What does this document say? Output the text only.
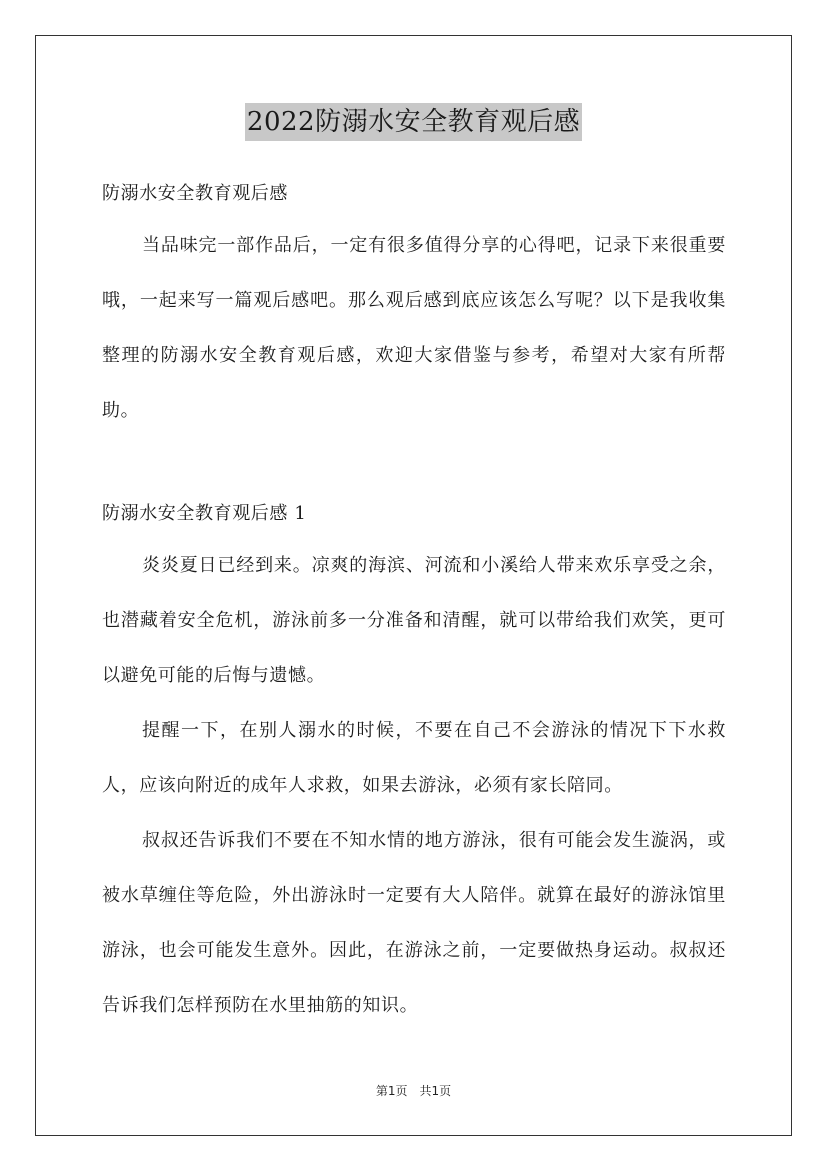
2022防溺水安全教育观后感
防溺水安全教育观后感
当品味完一部作品后，一定有很多值得分享的心得吧，记录下来很重要哦，一起来写一篇观后感吧。那么观后感到底应该怎么写呢？以下是我收集整理的防溺水安全教育观后感，欢迎大家借鉴与参考，希望对大家有所帮助。
防溺水安全教育观后感 1
炎炎夏日已经到来。凉爽的海滨、河流和小溪给人带来欢乐享受之余，也潜藏着安全危机，游泳前多一分准备和清醒，就可以带给我们欢笑，更可以避免可能的后悔与遗憾。
提醒一下，在别人溺水的时候，不要在自己不会游泳的情况下下水救人，应该向附近的成年人求救，如果去游泳，必须有家长陪同。
叔叔还告诉我们不要在不知水情的地方游泳，很有可能会发生漩涡，或被水草缠住等危险，外出游泳时一定要有大人陪伴。就算在最好的游泳馆里游泳，也会可能发生意外。因此，在游泳之前，一定要做热身运动。叔叔还告诉我们怎样预防在水里抽筋的知识。
第1页　共1页
